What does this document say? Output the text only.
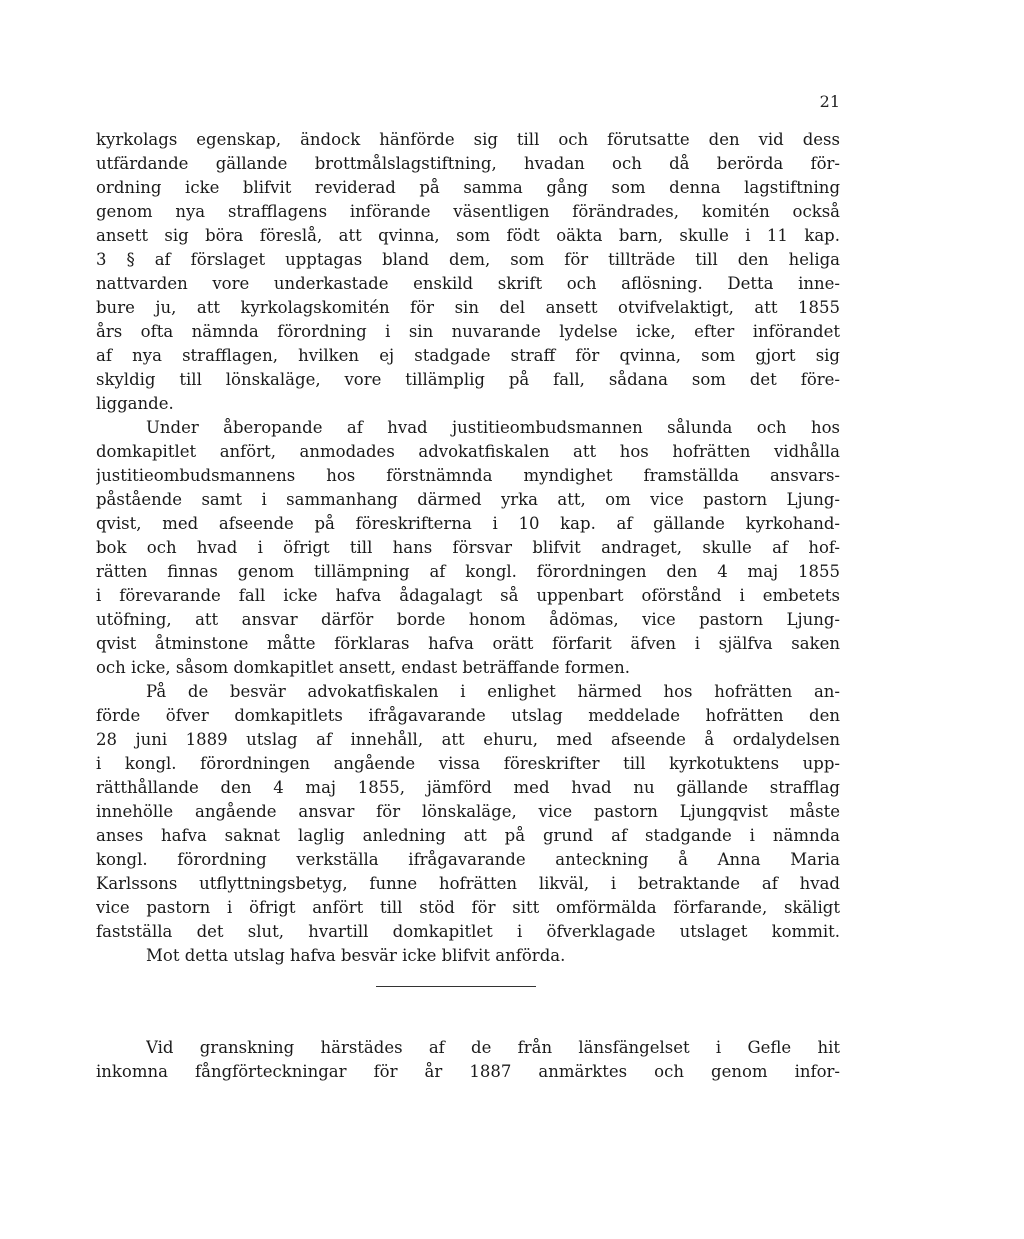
21
kyrkolags egenskap, ändock hänförde sig till och förutsatte den vid dess
utfärdande gällande brottmålslagstiftning, hvadan och då berörda för-
ordning icke blifvit reviderad på samma gång som denna lagstiftning
genom nya strafflagens införande väsentligen förändrades, komitén också
ansett sig böra föreslå, att qvinna, som födt oäkta barn, skulle i 11 kap.
3 § af förslaget upptagas bland dem, som för tillträde till den heliga
nattvarden vore underkastade enskild skrift och aflösning. Detta inne-
bure ju, att kyrkolagskomitén för sin del ansett otvifvelaktigt, att 1855
års ofta nämnda förordning i sin nuvarande lydelse icke, efter införandet
af nya strafflagen, hvilken ej stadgade straff för qvinna, som gjort sig
skyldig till lönskaläge, vore tillämplig på fall, sådana som det före-
liggande.
Under åberopande af hvad justitieombudsmannen sålunda och hos
domkapitlet anfört, anmodades advokatfiskalen att hos hofrätten vidhålla
justitieombudsmannens hos förstnämnda myndighet framställda ansvars-
påstående samt i sammanhang därmed yrka att, om vice pastorn Ljung-
qvist, med afseende på föreskrifterna i 10 kap. af gällande kyrkohand-
bok och hvad i öfrigt till hans försvar blifvit andraget, skulle af hof-
rätten finnas genom tillämpning af kongl. förordningen den 4 maj 1855
i förevarande fall icke hafva ådagalagt så uppenbart oförstånd i embetets
utöfning, att ansvar därför borde honom ådömas, vice pastorn Ljung-
qvist åtminstone måtte förklaras hafva orätt förfarit äfven i själfva saken
och icke, såsom domkapitlet ansett, endast beträffande formen.
På de besvär advokatfiskalen i enlighet härmed hos hofrätten an-
förde öfver domkapitlets ifrågavarande utslag meddelade hofrätten den
28 juni 1889 utslag af innehåll, att ehuru, med afseende å ordalydelsen
i kongl. förordningen angående vissa föreskrifter till kyrkotuktens upp-
rätthållande den 4 maj 1855, jämförd med hvad nu gällande strafflag
innehölle angående ansvar för lönskaläge, vice pastorn Ljungqvist måste
anses hafva saknat laglig anledning att på grund af stadgande i nämnda
kongl. förordning verkställa ifrågavarande anteckning å Anna Maria
Karlssons utflyttningsbetyg, funne hofrätten likväl, i betraktande af hvad
vice pastorn i öfrigt anfört till stöd för sitt omförmälda förfarande, skäligt
fastställa det slut, hvartill domkapitlet i öfverklagade utslaget kommit.
Mot detta utslag hafva besvär icke blifvit anförda.
Vid granskning härstädes af de från länsfängelset i Gefle hit
inkomna fångförteckningar för år 1887 anmärktes och genom infor-
